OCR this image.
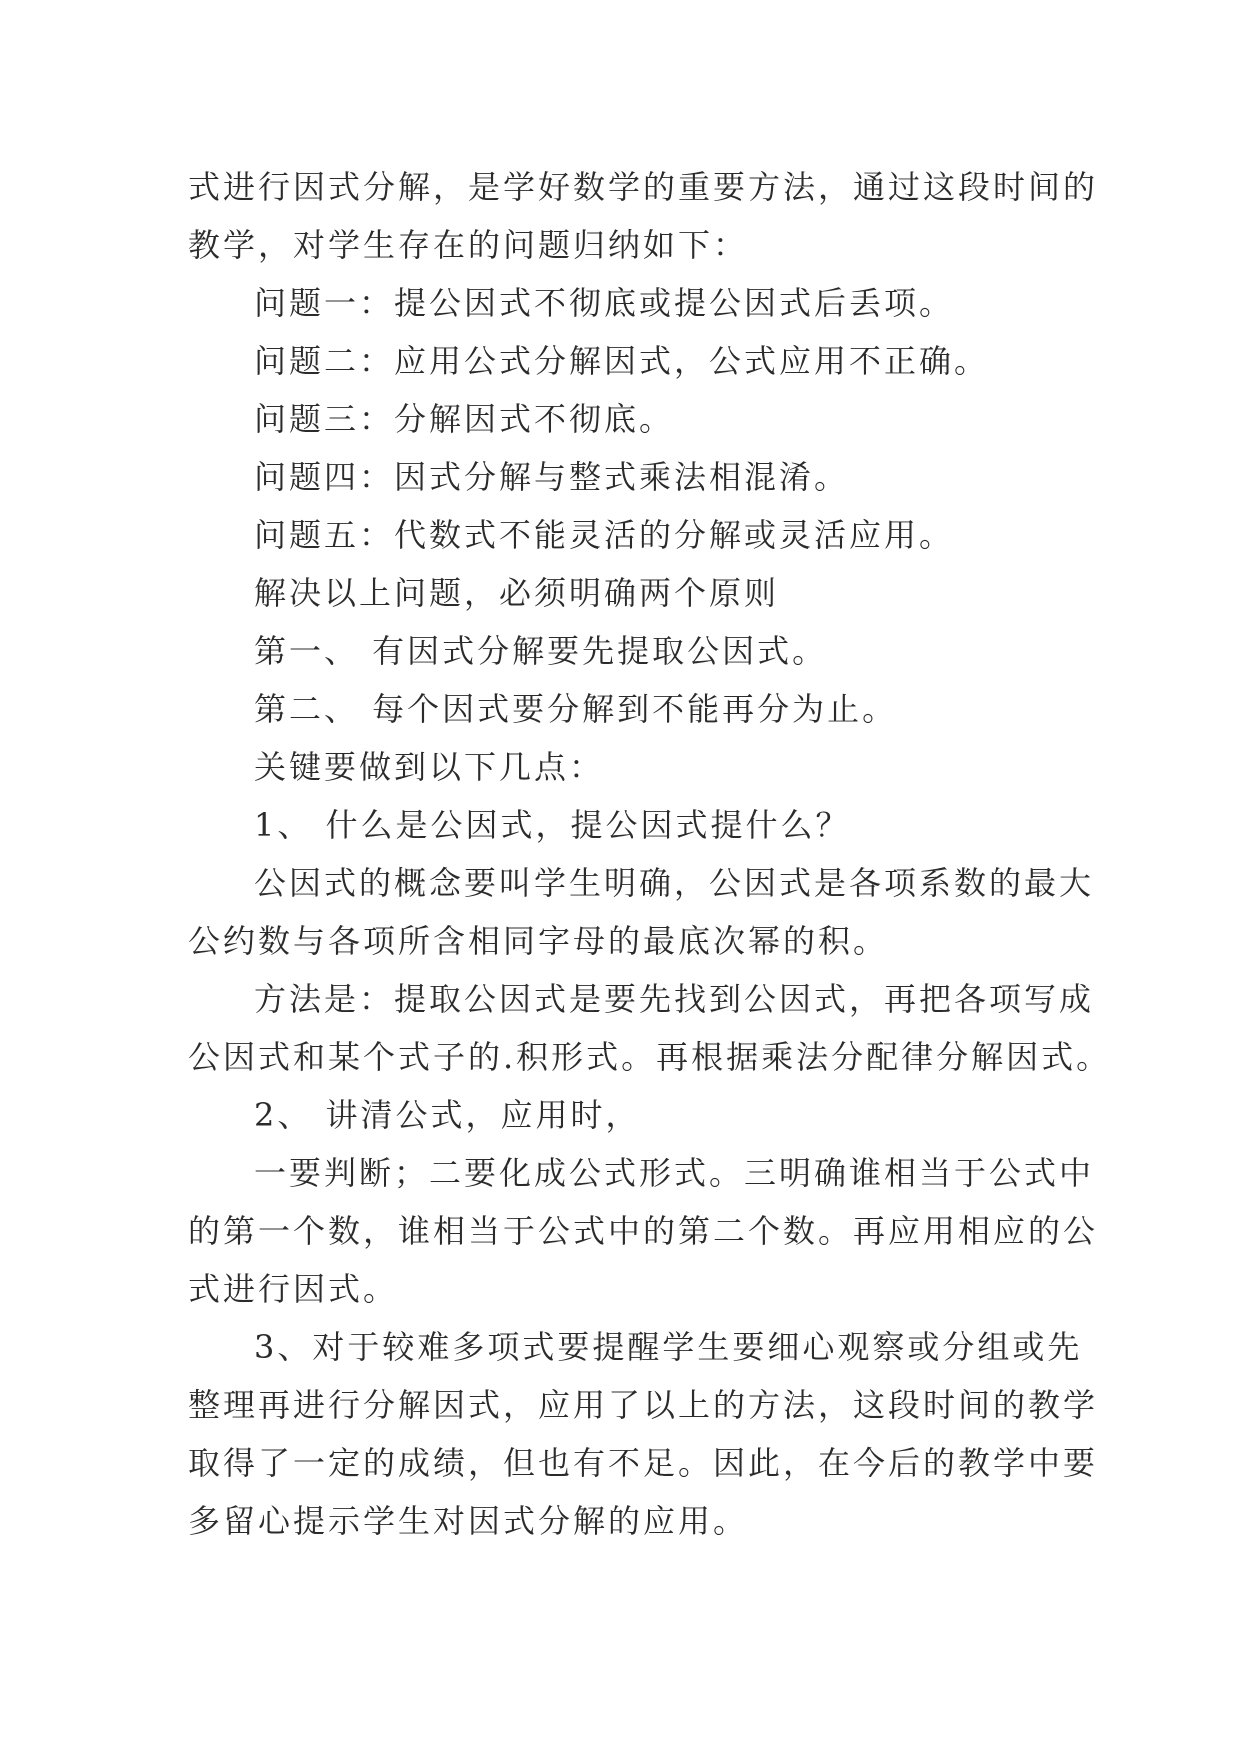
式进行因式分解，是学好数学的重要方法，通过这段时间的

教学，对学生存在的问题归纳如下：

问题一：提公因式不彻底或提公因式后丢项。

问题二：应用公式分解因式，公式应用不正确。

问题三：分解因式不彻底。

问题四：因式分解与整式乘法相混淆。

问题五：代数式不能灵活的分解或灵活应用。

解决以上问题，必须明确两个原则

第一、 有因式分解要先提取公因式。

第二、 每个因式要分解到不能再分为止。

关键要做到以下几点：

1、 什么是公因式，提公因式提什么？

公因式的概念要叫学生明确，公因式是各项系数的最大

公约数与各项所含相同字母的最底次幂的积。

方法是：提取公因式是要先找到公因式，再把各项写成

公因式和某个式子的.积形式。再根据乘法分配律分解因式。

2、 讲清公式，应用时，

一要判断；二要化成公式形式。三明确谁相当于公式中

的第一个数，谁相当于公式中的第二个数。再应用相应的公

式进行因式。

3、对于较难多项式要提醒学生要细心观察或分组或先

整理再进行分解因式，应用了以上的方法，这段时间的教学

取得了一定的成绩，但也有不足。因此，在今后的教学中要

多留心提示学生对因式分解的应用。
